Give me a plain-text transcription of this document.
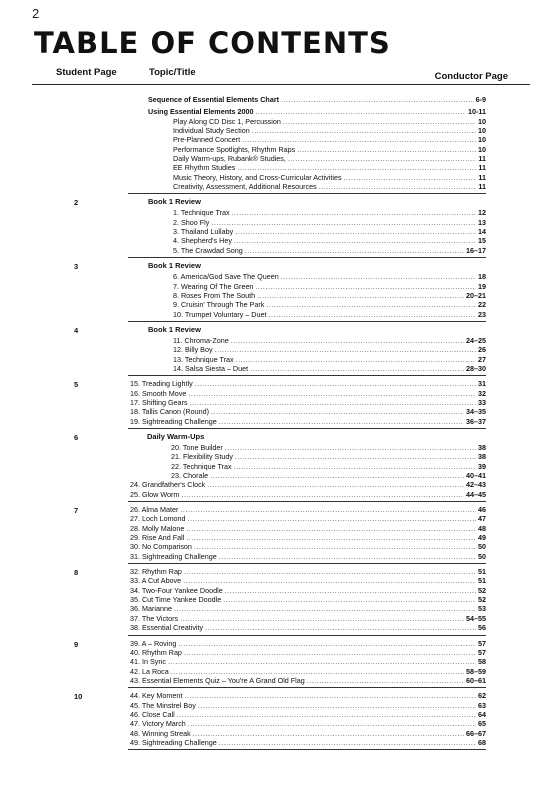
2
TABLE OF CONTENTS
Student Page	Topic/Title	Conductor Page
Sequence of Essential Elements Chart .....	6-9
Using Essential Elements 2000 .....	10-11
Play Along CD Disc 1, Percussion .....	10
Individual Study Section .....	10
Pre-Planned Concert .....	10
Performance Spotlights, Rhythm Raps .....	10
Daily Warm-ups, Rubank® Studies, .....	11
EE Rhythm Studies .....	11
Music Theory, History, and Cross-Curricular Activities .....	11
Creativity, Assessment, Additional Resources .....	11
2	Book 1 Review
1. Technique Trax .....	12
2. Shoo Fly .....	13
3. Thailand Lullaby .....	14
4. Shepherd's Hey .....	15
5. The Crawdad Song .....	16–17
3	Book 1 Review
6. America/God Save The Queen .....	18
7. Wearing Of The Green .....	19
8. Roses From The South .....	20–21
9. Cruisin' Through The Park .....	22
10. Trumpet Voluntary – Duet .....	23
4	Book 1 Review
11. Chroma-Zone .....	24–25
12. Billy Boy .....	26
13. Technique Trax .....	27
14. Salsa Siesta – Duet .....	28–30
5	15. Treading Lightly .....	31
16. Smooth Move .....	32
17. Shifting Gears .....	33
18. Tallis Canon (Round) .....	34–35
19. Sightreading Challenge .....	36–37
6	Daily Warm-Ups
20. Tone Builder .....	38
21. Flexibility Study .....	38
22. Technique Trax .....	39
23. Chorale .....	40–41
24. Grandfather's Clock .....	42–43
25. Glow Worm .....	44–45
7	26. Alma Mater .....	46
27. Loch Lomond .....	47
28. Molly Malone .....	48
29. Rise And Fall .....	49
30. No Comparison .....	50
31. Sightreading Challenge .....	50
8	32. Rhythm Rap .....	51
33. A Cut Above .....	51
34. Two-Four Yankee Doodle .....	52
35. Cut Time Yankee Doodle .....	52
36. Marianne .....	53
37. The Victors .....	54–55
38. Essential Creativity .....	56
9	39. A – Roving .....	57
40. Rhythm Rap .....	57
41. In Sync .....	58
42. La Roca .....	58–59
43. Essential Elements Quiz – You're A Grand Old Flag .....	60–61
10	44. Key Moment .....	62
45. The Minstrel Boy .....	63
46. Close Call .....	64
47. Victory March .....	65
48. Winning Streak .....	66–67
49. Sightreading Challenge .....	68
